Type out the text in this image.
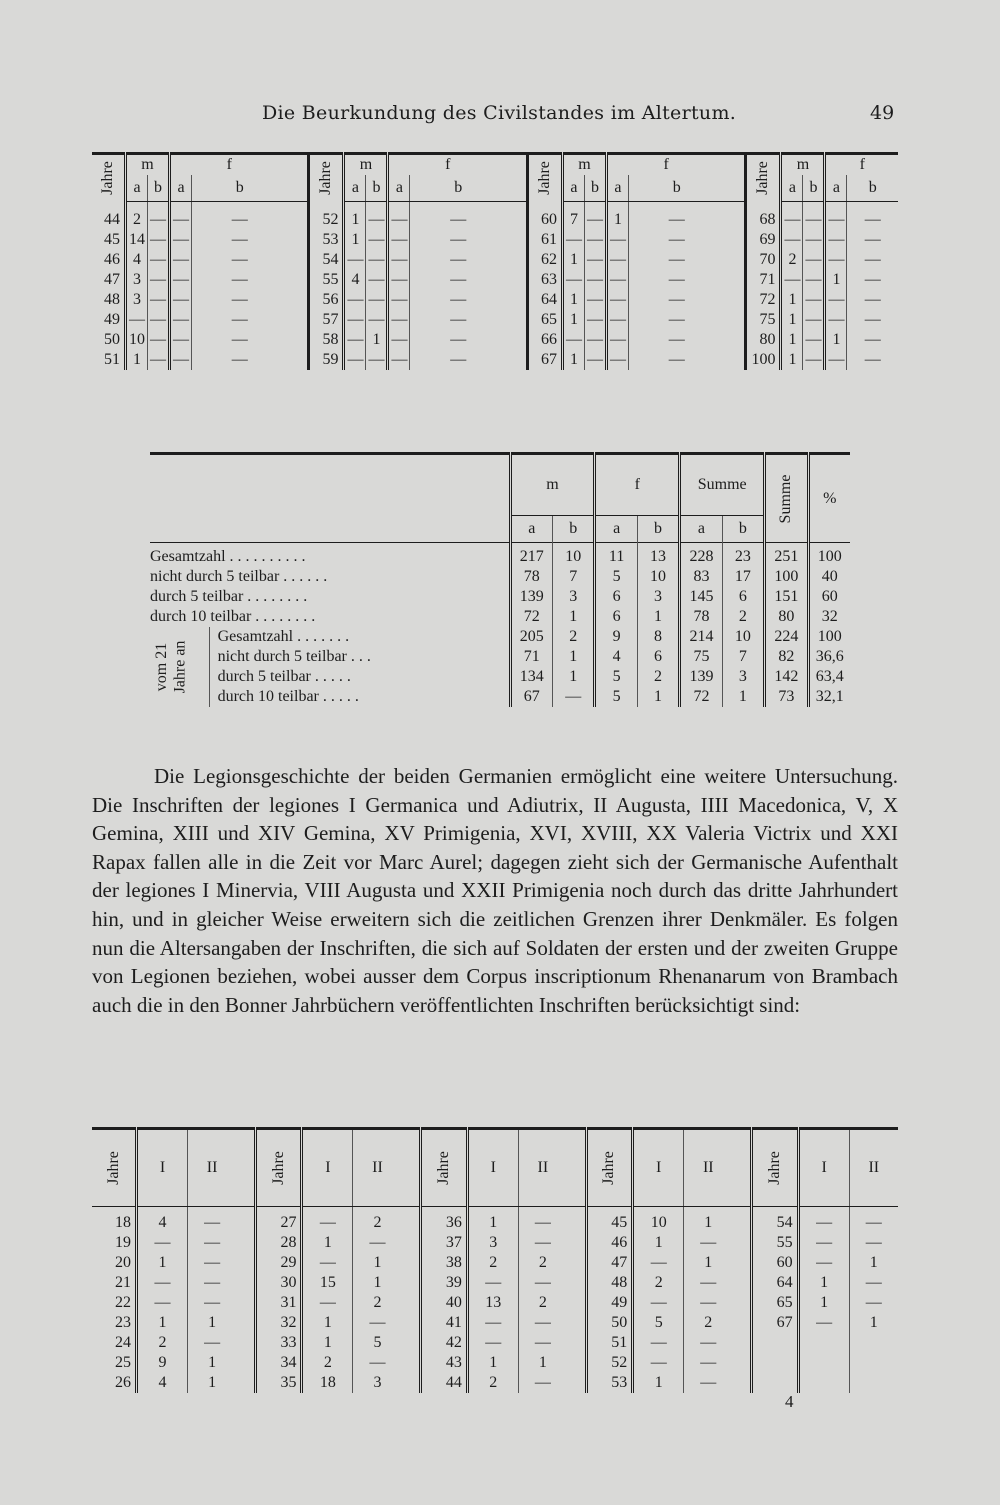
Die Beurkundung des Civilstandes im Altertum.	49
Jahre	m		f		Jahre	m		f		Jahre	m		f		Jahre	m		f	
	a	b	a	b		a	b	a	b		a	b	a	b		a	b	a	b
44	2	—	—	—	52	1	—	—	—	60	7	—	1	—	68	—	—	—	—
45	14	—	—	—	53	1	—	—	—	61	—	—	—	—	69	—	—	—	—
46	4	—	—	—	54	—	—	—	—	62	1	—	—	—	70	2	—	—	—
47	3	—	—	—	55	4	—	—	—	63	—	—	—	—	71	—	—	1	—
48	3	—	—	—	56	—	—	—	—	64	1	—	—	—	72	1	—	—	—
49	—	—	—	—	57	—	—	—	—	65	1	—	—	—	75	1	—	—	—
50	10	—	—	—	58	—	1	—	—	66	—	—	—	—	80	1	—	1	—
51	1	—	—	—	59	—	—	—	—	67	1	—	—	—	100	1	—	—	—
		m		f		Summe		Summe	%
		a	b	a	b	a	b		
Gesamtzahl . . . . . . . . . .		217	10	11	13	228	23	251	100
nicht durch 5 teilbar . . . . . .		78	7	5	10	83	17	100	40
durch 5 teilbar . . . . . . . .		139	3	6	3	145	6	151	60
durch 10 teilbar . . . . . . . .		72	1	6	1	78	2	80	32

vom 21 Jahre an	Gesamtzahl . . . . . . .	205	2	9	8	214	10	224	100
	nicht durch 5 teilbar . . .	71	1	4	6	75	7	82	36,6
	durch 5 teilbar . . . . .	134	1	5	2	139	3	142	63,4
	durch 10 teilbar . . . . .	67	—	5	1	72	1	73	32,1

Die Legionsgeschichte der beiden Germanien ermöglicht eine weitere Untersuchung. Die Inschriften der legiones I Germanica und Adiutrix, II Augusta, IIII Macedonica, V, X Gemina, XIII und XIV Gemina, XV Primigenia, XVI, XVIII, XX Valeria Victrix und XXI Rapax fallen alle in die Zeit vor Marc Aurel; dagegen zieht sich der Germanische Aufenthalt der legiones I Minervia, VIII Augusta und XXII Primigenia noch durch das dritte Jahrhundert hin, und in gleicher Weise erweitern sich die zeitlichen Grenzen ihrer Denkmäler. Es folgen nun die Altersangaben der Inschriften, die sich auf Soldaten der ersten und der zweiten Gruppe von Legionen beziehen, wobei ausser dem Corpus inscriptionum Rhenanarum von Brambach auch die in den Bonner Jahrbüchern veröffentlichten Inschriften berücksichtigt sind:

Jahre	I	II		Jahre	I	II		Jahre	I	II		Jahre	I	II		Jahre	I	II
18	4	—		27	—	2		36	1	—		45	10	1		54	—	—
19	—	—		28	1	—		37	3	—		46	1	—		55	—	—
20	1	—		29	—	1		38	2	2		47	—	1		60	—	1
21	—	—		30	15	1		39	—	—		48	2	—		64	1	—
22	—	—		31	—	2		40	13	2		49	—	—		65	1	—
23	1	1		32	1	—		41	—	—		50	5	2		67	—	1
24	2	—		33	1	5		42	—	—		51	—	—				
25	9	1		34	2	—		43	1	1		52	—	—				
26	4	1		35	18	3		44	2	—		53	1	—				
4
